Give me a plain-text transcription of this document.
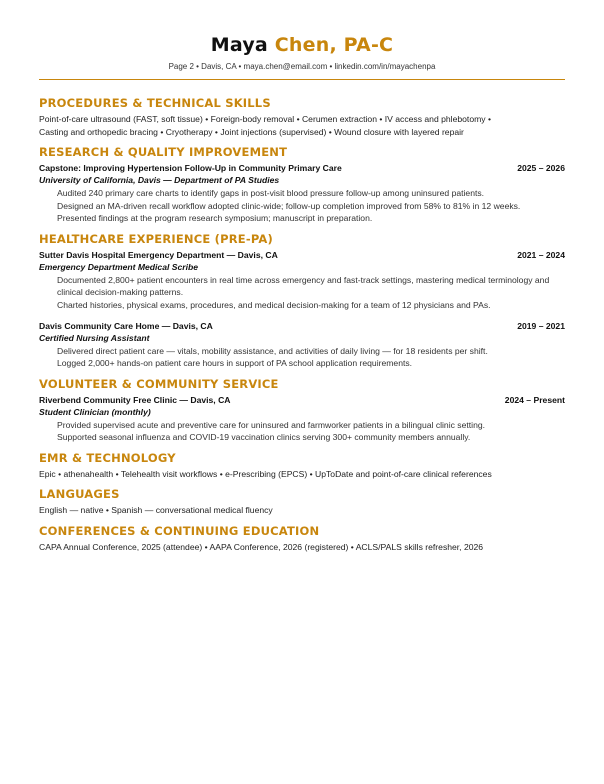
Maya Chen, PA-C
Page 2 • Davis, CA • maya.chen@email.com • linkedin.com/in/mayachenpa
PROCEDURES & TECHNICAL SKILLS
Point-of-care ultrasound (FAST, soft tissue) • Foreign-body removal • Cerumen extraction • IV access and phlebotomy •
Casting and orthopedic bracing • Cryotherapy • Joint injections (supervised) • Wound closure with layered repair
RESEARCH & QUALITY IMPROVEMENT
Capstone: Improving Hypertension Follow-Up in Community Primary Care	2025 – 2026
University of California, Davis — Department of PA Studies
Audited 240 primary care charts to identify gaps in post-visit blood pressure follow-up among uninsured patients.
Designed an MA-driven recall workflow adopted clinic-wide; follow-up completion improved from 58% to 81% in 12 weeks.
Presented findings at the program research symposium; manuscript in preparation.
HEALTHCARE EXPERIENCE (PRE-PA)
Sutter Davis Hospital Emergency Department — Davis, CA	2021 – 2024
Emergency Department Medical Scribe
Documented 2,800+ patient encounters in real time across emergency and fast-track settings, mastering medical terminology and clinical decision-making patterns.
Charted histories, physical exams, procedures, and medical decision-making for a team of 12 physicians and PAs.
Davis Community Care Home — Davis, CA	2019 – 2021
Certified Nursing Assistant
Delivered direct patient care — vitals, mobility assistance, and activities of daily living — for 18 residents per shift.
Logged 2,000+ hands-on patient care hours in support of PA school application requirements.
VOLUNTEER & COMMUNITY SERVICE
Riverbend Community Free Clinic — Davis, CA	2024 – Present
Student Clinician (monthly)
Provided supervised acute and preventive care for uninsured and farmworker patients in a bilingual clinic setting.
Supported seasonal influenza and COVID-19 vaccination clinics serving 300+ community members annually.
EMR & TECHNOLOGY
Epic • athenahealth • Telehealth visit workflows • e-Prescribing (EPCS) • UpToDate and point-of-care clinical references
LANGUAGES
English — native • Spanish — conversational medical fluency
CONFERENCES & CONTINUING EDUCATION
CAPA Annual Conference, 2025 (attendee) • AAPA Conference, 2026 (registered) • ACLS/PALS skills refresher, 2026
